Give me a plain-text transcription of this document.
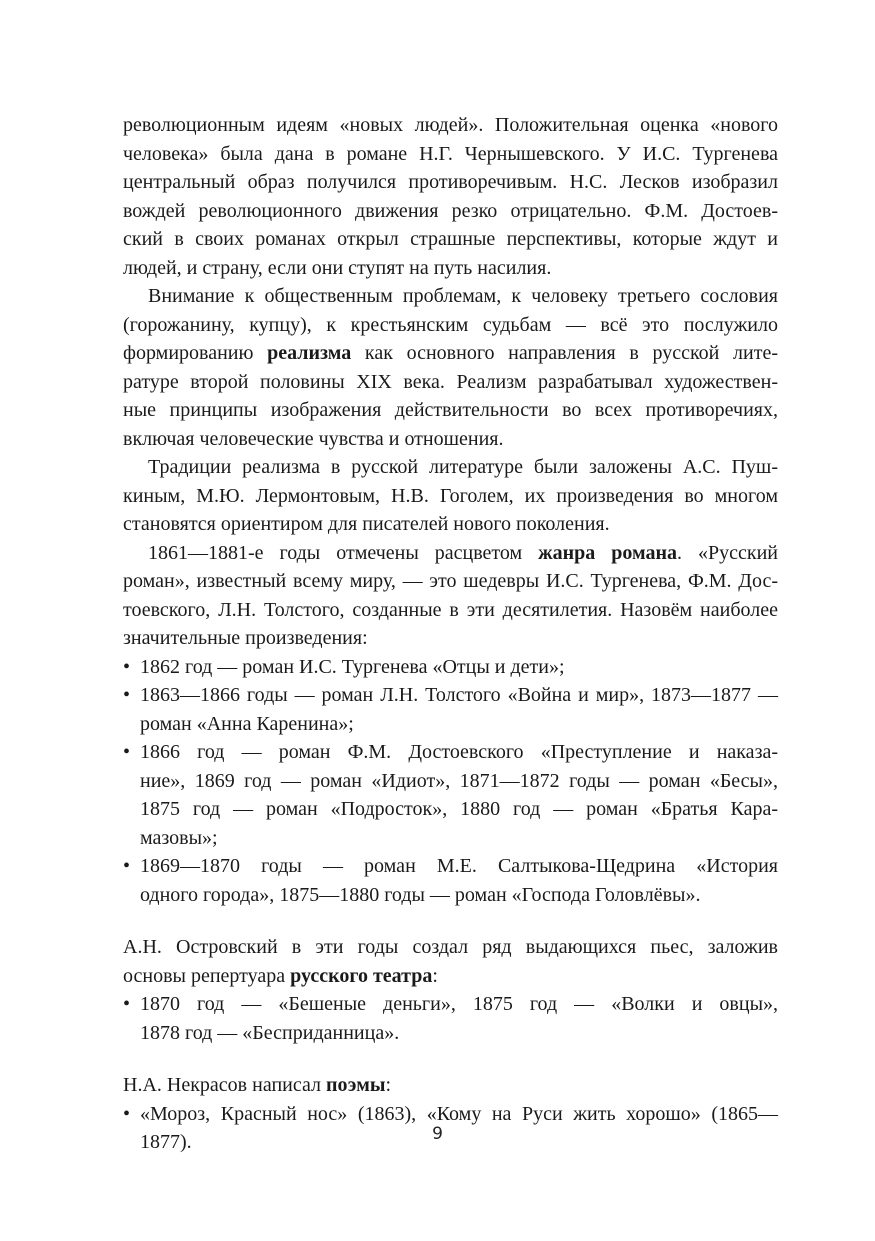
революционным идеям «новых людей». Положительная оценка «нового
человека» была дана в романе Н.Г. Чернышевского. У И.С. Тургенева
центральный образ получился противоречивым. Н.С. Лесков изобразил
вождей революционного движения резко отрицательно. Ф.М. Достоев-
ский в своих романах открыл страшные перспективы, которые ждут и
людей, и страну, если они ступят на путь насилия.
Внимание к общественным проблемам, к человеку третьего сословия
(горожанину, купцу), к крестьянским судьбам — всё это послужило
формированию реализма как основного направления в русской лите-
ратуре второй половины XIX века. Реализм разрабатывал художествен-
ные принципы изображения действительности во всех противоречиях,
включая человеческие чувства и отношения.
Традиции реализма в русской литературе были заложены А.С. Пуш-
киным, М.Ю. Лермонтовым, Н.В. Гоголем, их произведения во многом
становятся ориентиром для писателей нового поколения.
1861—1881-е годы отмечены расцветом жанра романа. «Русский
роман», известный всему миру, — это шедевры И.С. Тургенева, Ф.М. Дос-
тоевского, Л.Н. Толстого, созданные в эти десятилетия. Назовём наиболее
значительные произведения:
• 1862 год — роман И.С. Тургенева «Отцы и дети»;
• 1863—1866 годы — роман Л.Н. Толстого «Война и мир», 1873—1877 —
роман «Анна Каренина»;
• 1866 год — роман Ф.М. Достоевского «Преступление и наказа-
ние», 1869 год — роман «Идиот», 1871—1872 годы — роман «Бесы»,
1875 год — роман «Подросток», 1880 год — роман «Братья Кара-
мазовы»;
• 1869—1870 годы — роман М.Е. Салтыкова-Щедрина «История
одного города», 1875—1880 годы — роман «Господа Головлёвы».
А.Н. Островский в эти годы создал ряд выдающихся пьес, заложив
основы репертуара русского театра:
• 1870 год — «Бешеные деньги», 1875 год — «Волки и овцы»,
1878 год — «Бесприданница».
Н.А. Некрасов написал поэмы:
• «Мороз, Красный нос» (1863), «Кому на Руси жить хорошо» (1865—
1877).	9
